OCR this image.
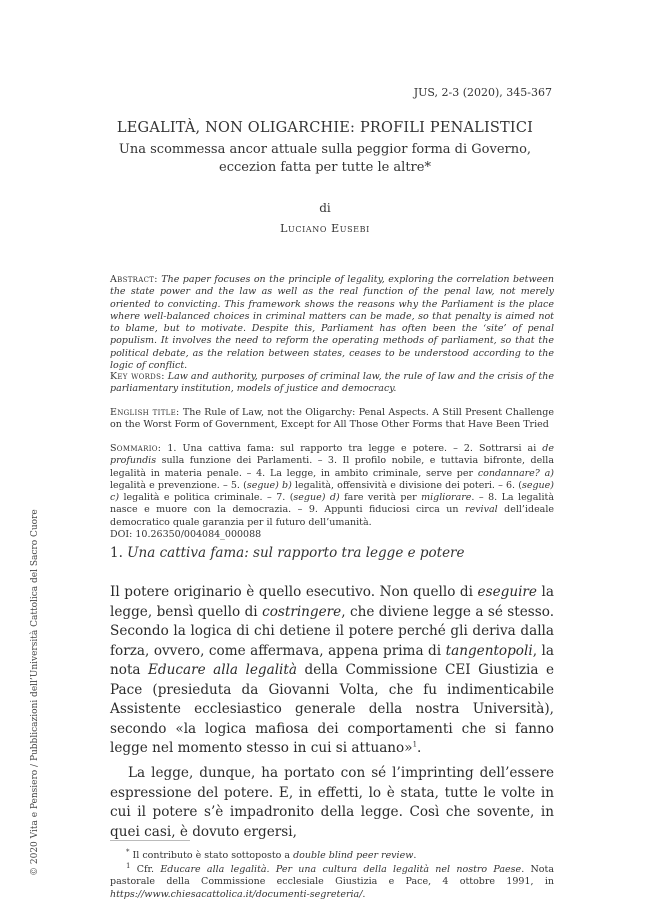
JUS, 2-3 (2020), 345-367
LEGALITÀ, NON OLIGARCHIE: PROFILI PENALISTICI
Una scommessa ancor attuale sulla peggior forma di Governo,
eccezion fatta per tutte le altre*
di
Luciano Eusebi
Abstract: The paper focuses on the principle of legality, exploring the correlation between the state power and the law as well as the real function of the penal law, not merely oriented to convicting. This framework shows the reasons why the Parliament is the place where well-balanced choices in criminal matters can be made, so that penalty is aimed not to blame, but to motivate. Despite this, Parliament has often been the ‘site’ of penal populism. It involves the need to reform the operating methods of parliament, so that the political debate, as the relation between states, ceases to be understood according to the logic of conflict.
Key words: Law and authority, purposes of criminal law, the rule of law and the crisis of the parliamentary institution, models of justice and democracy.
English title: The Rule of Law, not the Oligarchy: Penal Aspects. A Still Present Challenge on the Worst Form of Government, Except for All Those Other Forms that Have Been Tried
Sommario: 1. Una cattiva fama: sul rapporto tra legge e potere. – 2. Sottrarsi ai de profundis sulla funzione dei Parlamenti. – 3. Il profilo nobile, e tuttavia bifronte, della legalità in materia penale. – 4. La legge, in ambito criminale, serve per condannare? a) legalità e prevenzione. – 5. (segue) b) legalità, offensività e divisione dei poteri. – 6. (segue) c) legalità e politica criminale. – 7. (segue) d) fare verità per migliorare. – 8. La legalità nasce e muore con la democrazia. – 9. Appunti fiduciosi circa un revival dell’ideale democratico quale garanzia per il futuro dell’umanità.
DOI: 10.26350/004084_000088
1. Una cattiva fama: sul rapporto tra legge e potere
Il potere originario è quello esecutivo. Non quello di eseguire la legge, bensì quello di costringere, che diviene legge a sé stesso. Secondo la logica di chi detiene il potere perché gli deriva dalla forza, ovvero, come affermava, appena prima di tangentopoli, la nota Educare alla legalità della Commissione CEI Giustizia e Pace (presieduta da Giovanni Volta, che fu indimenticabile Assistente ecclesiastico generale della nostra Università), secondo «la logica mafiosa dei comportamenti che si fanno legge nel momento stesso in cui si attuano»$^1$.
La legge, dunque, ha portato con sé l’imprinting dell’essere espressione del potere. E, in effetti, lo è stata, tutte le volte in cui il potere s’è impadronito della legge. Così che sovente, in quei casi, è dovuto ergersi,
* Il contributo è stato sottoposto a double blind peer review.
$^1$ Cfr. Educare alla legalità. Per una cultura della legalità nel nostro Paese. Nota pastorale della Commissione ecclesiale Giustizia e Pace, 4 ottobre 1991, in https://www.chiesacattolica.it/documenti-segreteria/.
© 2020 Vita e Pensiero / Pubblicazioni dell’Università Cattolica del Sacro Cuore
